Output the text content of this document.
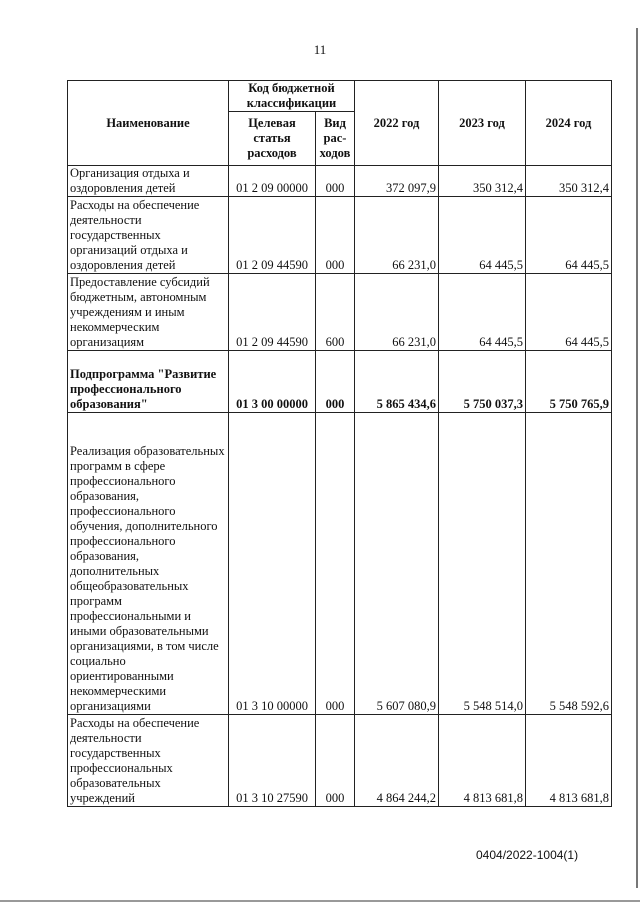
11
Наименование	Код бюджетной классификации		2022 год	2023 год	2024 год
	Целевая статья расходов	Вид рас-ходов			
Организация отдыха и оздоровления детей	01 2 09 00000	000	372 097,9	350 312,4	350 312,4
Расходы на обеспечение деятельности государственных организаций отдыха и оздоровления детей	01 2 09 44590	000	66 231,0	64 445,5	64 445,5
Предоставление субсидий бюджетным, автономным учреждениям и иным некоммерческим организациям	01 2 09 44590	600	66 231,0	64 445,5	64 445,5
Подпрограмма "Развитие профессионального образования"	01 3 00 00000	000	5 865 434,6	5 750 037,3	5 750 765,9
Реализация образовательных программ в сфере профессионального образования, профессионального обучения, дополнительного профессионального образования, дополнительных общеобразовательных программ профессиональными и иными образовательными организациями, в том числе социально ориентированными некоммерческими организациями	01 3 10 00000	000	5 607 080,9	5 548 514,0	5 548 592,6
Расходы на обеспечение деятельности государственных профессиональных образовательных учреждений	01 3 10 27590	000	4 864 244,2	4 813 681,8	4 813 681,8
0404/2022-1004(1)
